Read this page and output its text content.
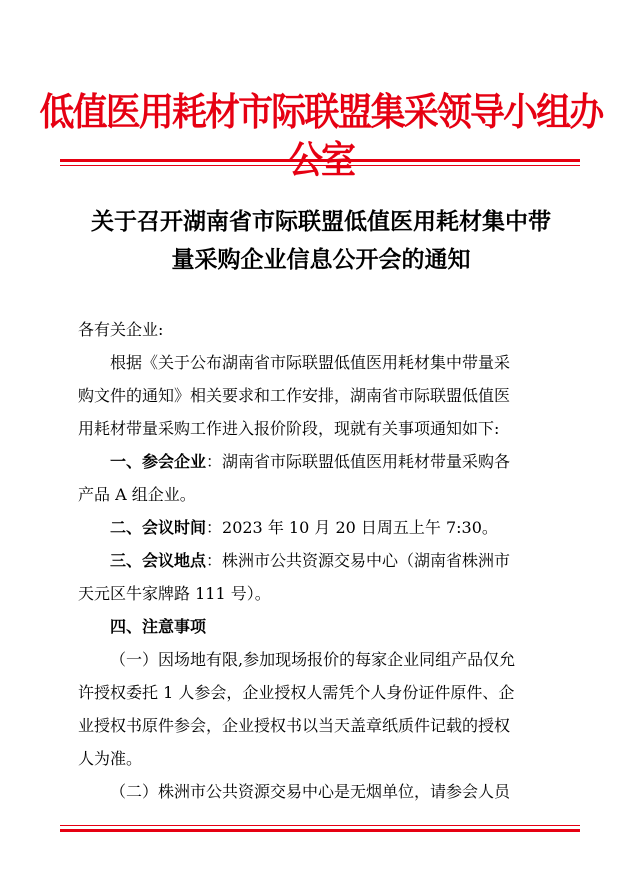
低值医用耗材市际联盟集采领导小组办
关于召开湖南省市际联盟低值医用耗材集中带
量采购企业信息公开会的通知
各有关企业:
根据《关于公布湖南省市际联盟低值医用耗材集中带量采
购文件的通知》相关要求和工作安排，湖南省市际联盟低值医
用耗材带量采购工作进入报价阶段，现就有关事项通知如下:
一、参会企业：湖南省市际联盟低值医用耗材带量采购各
产品 A 组企业。
二、会议时间：2023 年 10 月 20 日周五上午 7:30。
三、会议地点：株洲市公共资源交易中心（湖南省株洲市
天元区牛家牌路 111 号）。
四、注意事项
（一）因场地有限,参加现场报价的每家企业同组产品仅允
许授权委托 1 人参会，企业授权人需凭个人身份证件原件、企
业授权书原件参会，企业授权书以当天盖章纸质件记载的授权
人为准。
（二）株洲市公共资源交易中心是无烟单位，请参会人员
